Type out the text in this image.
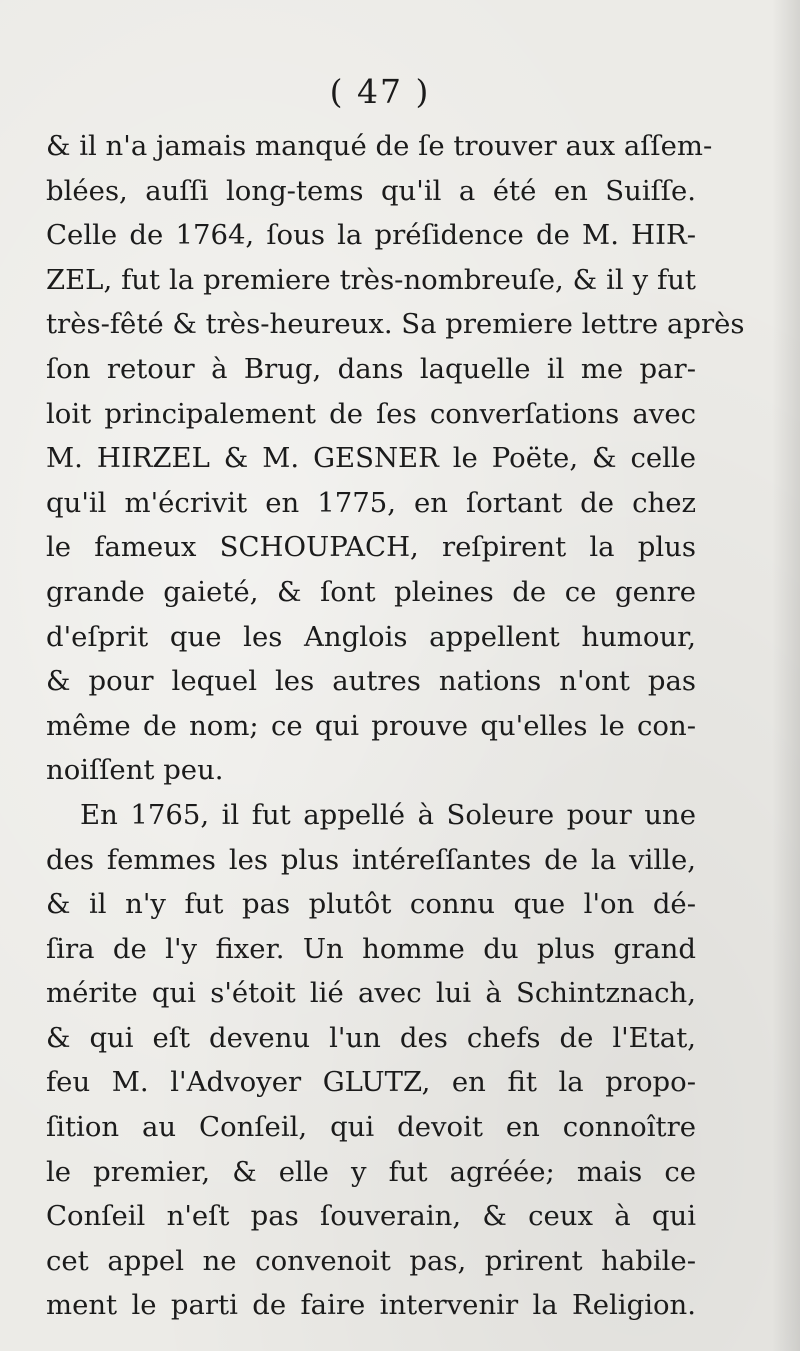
( 47 )
& il n'a jamais manqué de ſe trouver aux aſſem-
blées, auſſi long-tems qu'il a été en Suiſſe.
Celle de 1764, ſous la préſidence de M. HIR-
ZEL, fut la premiere très-nombreuſe, & il y fut
très-fêté & très-heureux. Sa premiere lettre après
ſon retour à Brug, dans laquelle il me par-
loit principalement de ſes converſations avec
M. HIRZEL & M. GESNER le Poëte, & celle
qu'il m'écrivit en 1775, en ſortant de chez
le fameux SCHOUPACH, reſpirent la plus
grande gaieté, & ſont pleines de ce genre
d'eſprit que les Anglois appellent humour,
& pour lequel les autres nations n'ont pas
même de nom; ce qui prouve qu'elles le con-
noiſſent peu.
En 1765, il fut appellé à Soleure pour une
des femmes les plus intéreſſantes de la ville,
& il n'y fut pas plutôt connu que l'on dé-
ſira de l'y fixer. Un homme du plus grand
mérite qui s'étoit lié avec lui à Schintznach,
& qui eſt devenu l'un des chefs de l'Etat,
feu M. l'Advoyer GLUTZ, en fit la propo-
ſition au Conſeil, qui devoit en connoître
le premier, & elle y fut agréée; mais ce
Conſeil n'eſt pas ſouverain, & ceux à qui
cet appel ne convenoit pas, prirent habile-
ment le parti de faire intervenir la Religion.
